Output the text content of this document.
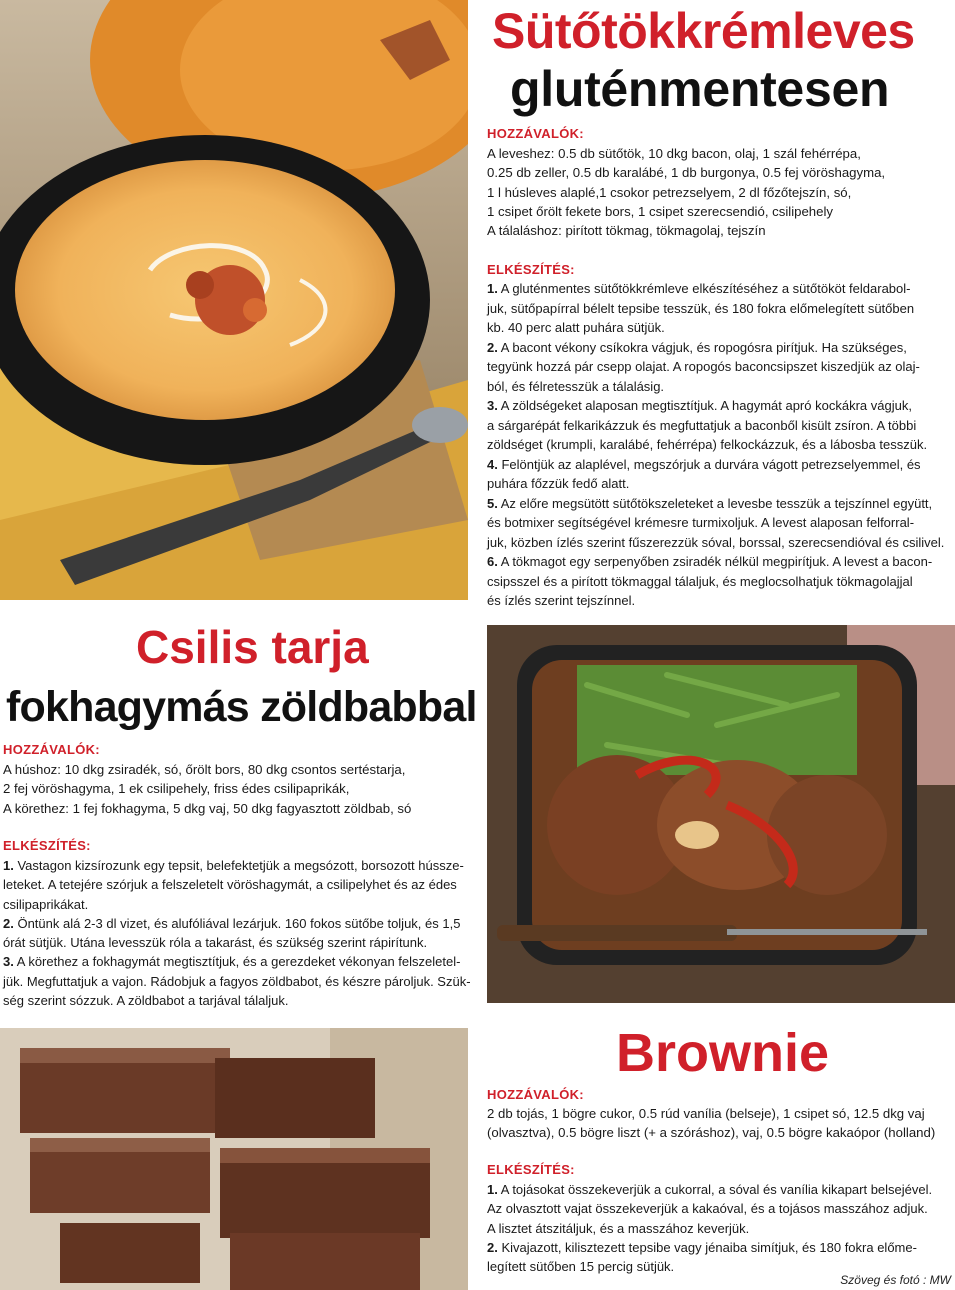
Sütőtökkrémleves
gluténmentesen
HOZZÁVALÓK:

A leveshez: 0.5 db sütőtök, 10 dkg bacon, olaj, 1 szál fehérrépa,

0.25 db zeller, 0.5 db karalábé, 1 db burgonya, 0.5 fej vöröshagyma,

1 l húsleves alaplé,1 csokor petrezselyem, 2 dl főzőtejszín, só,

1 csipet őrölt fekete bors, 1 csipet szerecsendió, csilipehely

A tálaláshoz: pirított tökmag, tökmagolaj, tejszín

ELKÉSZÍTÉS:

1. A gluténmentes sütőtökkrémleve elkészítéséhez a sütőtököt feldarabol-

juk, sütőpapírral bélelt tepsibe tesszük, és 180 fokra előmelegített sütőben

kb. 40 perc alatt puhára sütjük.

2. A bacont vékony csíkokra vágjuk, és ropogósra pirítjuk. Ha szükséges,

tegyünk hozzá pár csepp olajat. A ropogós baconcsipszet kiszedjük az olaj-

ból, és félretesszük a tálalásig.

3. A zöldségeket alaposan megtisztítjuk. A hagymát apró kockákra vágjuk,

a sárgarépát felkarikázzuk és megfuttatjuk a baconből kisült zsíron. A többi

zöldséget (krumpli, karalábé, fehérrépa) felkockázzuk, és a lábosba tesszük.

4. Felöntjük az alaplével, megszórjuk a durvára vágott petrezselyemmel, és

puhára főzzük fedő alatt.

5. Az előre megsütött sütőtökszeleteket a levesbe tesszük a tejszínnel együtt,

és botmixer segítségével krémesre turmixoljuk. A levest alaposan felforral-

juk, közben ízlés szerint fűszerezzük sóval, borssal, szerecsendióval és csilivel.

6. A tökmagot egy serpenyőben zsiradék nélkül megpirítjuk. A levest a bacon-

csipsszel és a pirított tökmaggal tálaljuk, és meglocsolhatjuk tökmagolajjal

és ízlés szerint tejszínnel.

Csilis tarja
fokhagymás zöldbabbal
HOZZÁVALÓK:

A húshoz: 10 dkg zsiradék, só, őrölt bors, 80 dkg csontos sertéstarja,

2 fej vöröshagyma, 1 ek csilipehely, friss édes csilipaprikák,

A körethez: 1 fej fokhagyma, 5 dkg vaj, 50 dkg fagyasztott zöldbab, só

ELKÉSZÍTÉS:

1. Vastagon kizsírozunk egy tepsit, belefektetjük a megsózott, borsozott hússze-

leteket. A tetejére szórjuk a felszeletelt vöröshagymát, a csilipelyhet és az édes

csilipaprikákat.

2. Öntünk alá 2-3 dl vizet, és alufóliával lezárjuk. 160 fokos sütőbe toljuk, és 1,5

órát sütjük. Utána levesszük róla a takarást, és szükség szerint rápirítunk.

3. A körethez a fokhagymát megtisztítjuk, és a gerezdeket vékonyan felszeletel-

jük. Megfuttatjuk a vajon. Rádobjuk a fagyos zöldbabot, és készre pároljuk. Szük-

ség szerint sózzuk. A zöldbabot a tarjával tálaljuk.

Brownie
HOZZÁVALÓK:

2 db tojás, 1 bögre cukor, 0.5 rúd vanília (belseje), 1 csipet só, 12.5 dkg vaj

(olvasztva), 0.5 bögre liszt (+ a szóráshoz), vaj, 0.5 bögre kakaópor (holland)

ELKÉSZÍTÉS:

1. A tojásokat összekeverjük a cukorral, a sóval és vanília kikapart belsejével.

Az olvasztott vajat összekeverjük a kakaóval, és a tojásos masszához adjuk.

A lisztet átszitáljuk, és a masszához keverjük.

2. Kivajazott, kilisztezett tepsibe vagy jénaiba simítjuk, és 180 fokra előme-

legített sütőben 15 percig sütjük.

Szöveg és fotó : MW
